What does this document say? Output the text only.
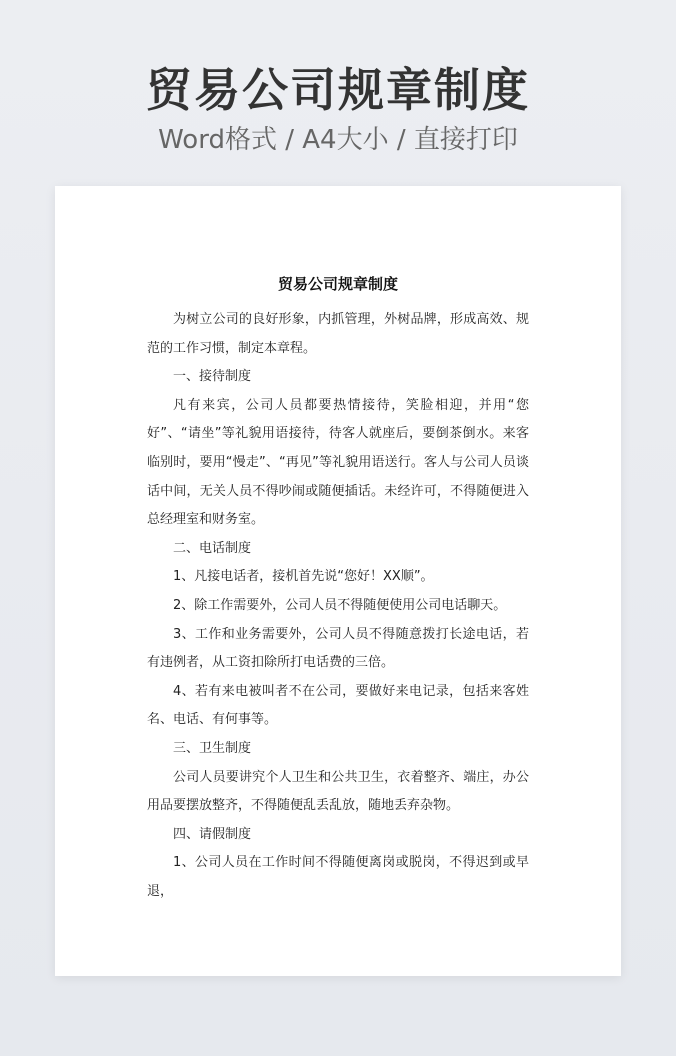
贸易公司规章制度
Word格式 / A4大小 / 直接打印
贸易公司规章制度

为树立公司的良好形象，内抓管理，外树品牌，形成高效、规范的工作习惯，制定本章程。

一、接待制度

凡有来宾，公司人员都要热情接待，笑脸相迎，并用“您好”、“请坐”等礼貌用语接待，待客人就座后，要倒茶倒水。来客临别时，要用“慢走”、“再见”等礼貌用语送行。客人与公司人员谈话中间，无关人员不得吵闹或随便插话。未经许可，不得随便进入总经理室和财务室。

二、电话制度

1、凡接电话者，接机首先说“您好！XX顺”。

2、除工作需要外，公司人员不得随便使用公司电话聊天。

3、工作和业务需要外，公司人员不得随意拨打长途电话，若有违例者，从工资扣除所打电话费的三倍。

4、若有来电被叫者不在公司，要做好来电记录，包括来客姓名、电话、有何事等。

三、卫生制度

公司人员要讲究个人卫生和公共卫生，衣着整齐、端庄，办公用品要摆放整齐，不得随便乱丢乱放，随地丢弃杂物。

四、请假制度

1、公司人员在工作时间不得随便离岗或脱岗，不得迟到或早退，
